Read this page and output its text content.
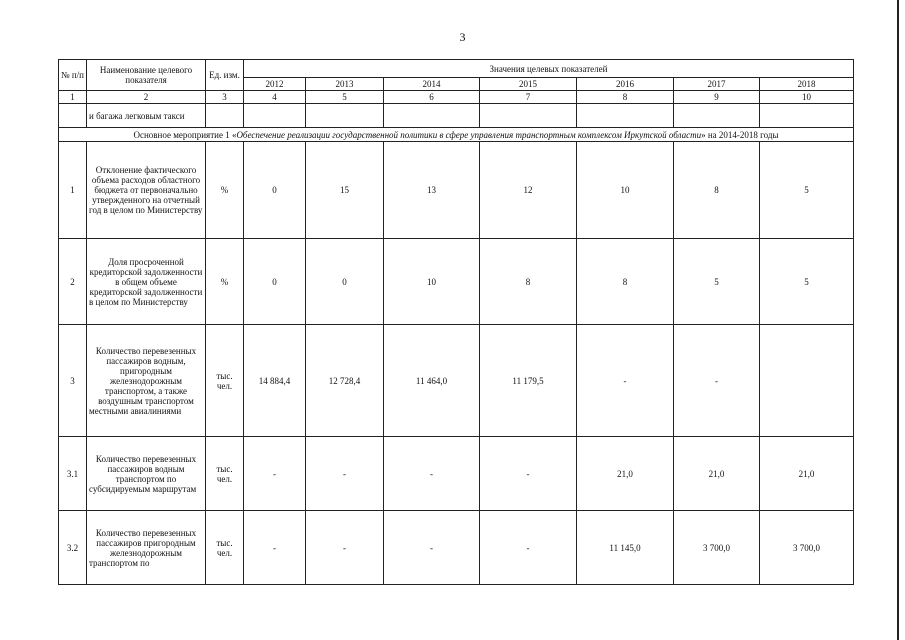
3
№ п/п	Наименование целевого показателя	Ед. изм.	Значения целевых показателей						
			2012	2013	2014	2015	2016	2017	2018
1	2	3	4	5	6	7	8	9	10
	и багажа легковым такси								
Основное мероприятие 1 «Обеспечение реализации государственной политики в сфере управления транспортным комплексом Иркутской области» на 2014-2018 годы									
1	Отклонение фактического объема расходов областного бюджета от первоначально утвержденного на отчетный год в целом по Министерству	%	0	15	13	12	10	8	5
2	Доля просроченной кредиторской задолженности в общем объеме кредиторской задолженности в целом по Министерству	%	0	0	10	8	8	5	5
3	Количество перевезенных пассажиров водным, пригородным железнодорожным транспортом, а также воздушным транспортом местными авиалиниями	тыс. чел.	14 884,4	12 728,4	11 464,0	11 179,5	-	-	
3.1	Количество перевезенных пассажиров водным транспортом по субсидируемым маршрутам	тыс. чел.	-	-	-	-	21,0	21,0	21,0
3.2	Количество перевезенных пассажиров пригородным железнодорожным транспортом по	тыс. чел.	-	-	-	-	11 145,0	3 700,0	3 700,0
